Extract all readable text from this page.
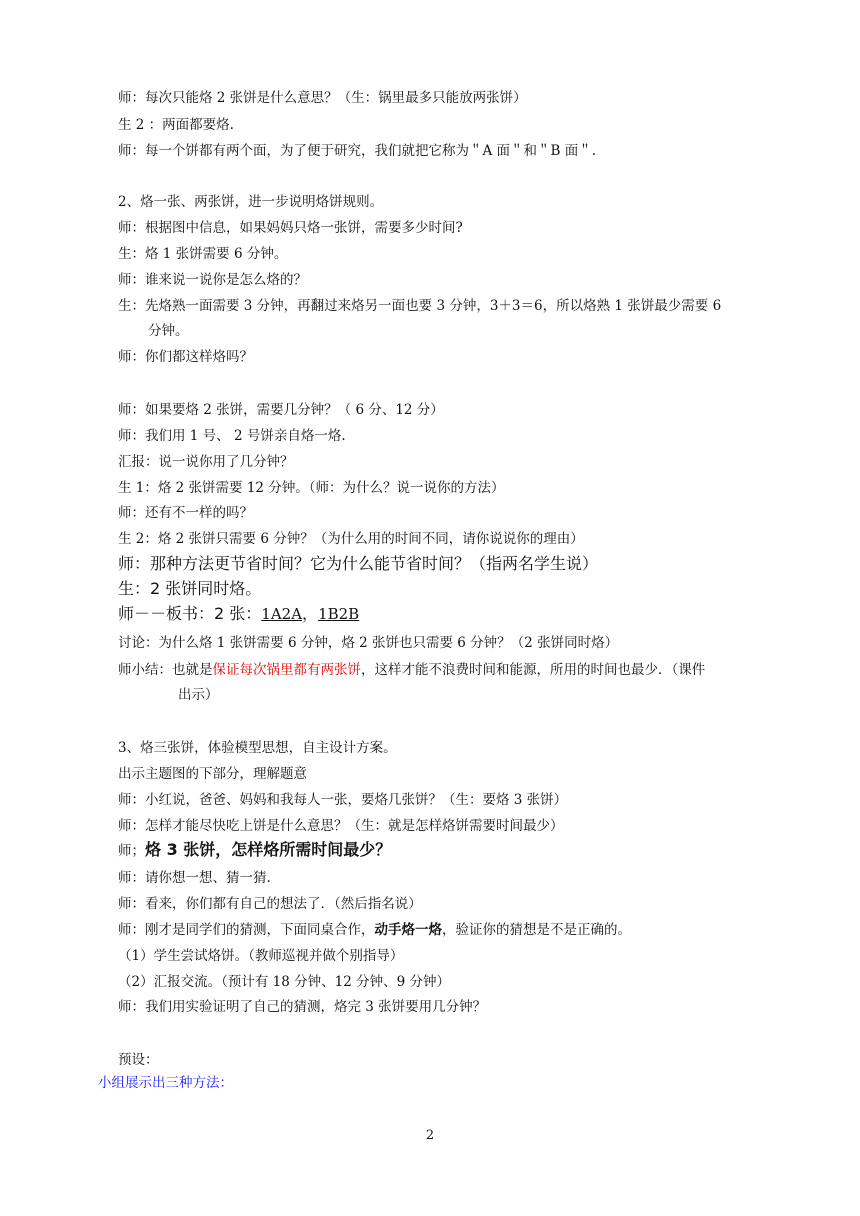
师：每次只能烙 2 张饼是什么意思？（生：锅里最多只能放两张饼）
生 2 ：两面都要烙.
师：每一个饼都有两个面，为了便于研究，我们就把它称为＂A 面＂和＂B 面＂.
2、烙一张、两张饼，进一步说明烙饼规则。
师：根据图中信息，如果妈妈只烙一张饼，需要多少时间?
生：烙 1 张饼需要 6 分钟。
师：谁来说一说你是怎么烙的？
生：先烙熟一面需要 3 分钟，再翻过来烙另一面也要 3 分钟，3＋3＝6，所以烙熟 1 张饼最少需要 6
分钟。
师：你们都这样烙吗？
师：如果要烙 2 张饼，需要几分钟？（ 6 分、12 分）
师：我们用 1 号、 2 号饼亲自烙一烙.
汇报：说一说你用了几分钟？
生 1：烙 2 张饼需要 12 分钟。（师：为什么？说一说你的方法）
师：还有不一样的吗？
生 2：烙 2 张饼只需要 6 分钟？（为什么用的时间不同，请你说说你的理由）
师：那种方法更节省时间？它为什么能节省时间？（指两名学生说）
生：2 张饼同时烙。
师－－板书：2 张：1A2A，1B2B
讨论：为什么烙 1 张饼需要 6 分钟，烙 2 张饼也只需要 6 分钟？（2 张饼同时烙）
师小结：也就是保证每次锅里都有两张饼，这样才能不浪费时间和能源，所用的时间也最少．（课件
出示）
3、烙三张饼，体验模型思想，自主设计方案。
出示主题图的下部分，理解题意
师：小红说，爸爸、妈妈和我每人一张，要烙几张饼？（生：要烙 3 张饼）
师：怎样才能尽快吃上饼是什么意思？（生：就是怎样烙饼需要时间最少）
师；烙 3 张饼，怎样烙所需时间最少？
师：请你想一想、猜一猜.
师：看来，你们都有自己的想法了．（然后指名说）
师：刚才是同学们的猜测，下面同桌合作，动手烙一烙，验证你的猜想是不是正确的。
（1）学生尝试烙饼。（教师巡视并做个别指导）
（2）汇报交流。（预计有 18 分钟、12 分钟、9 分钟）
师：我们用实验证明了自己的猜测，烙完 3 张饼要用几分钟？
预设：
小组展示出三种方法：
2
